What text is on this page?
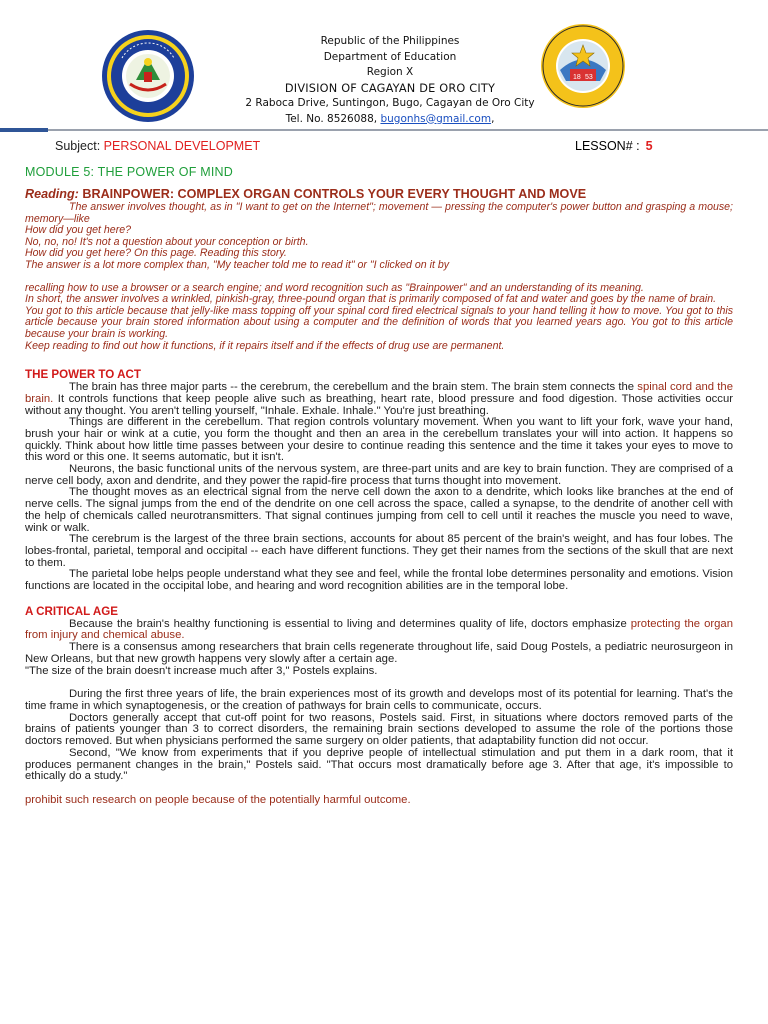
18 53
Republic of the Philippines
Department of Education
Region X
DIVISION OF CAGAYAN DE ORO CITY
2 Raboca Drive, Suntingon, Bugo, Cagayan de Oro City
Tel. No. 8526088, bugonhs@gmail.com,
Subject: PERSONAL DEVELOPMET	LESSON# : 5
MODULE 5: THE POWER OF MIND
Reading: BRAINPOWER: COMPLEX ORGAN CONTROLS YOUR EVERY THOUGHT AND MOVE

The answer involves thought, as in "I want to get on the Internet"; movement — pressing the computer's power button and grasping a mouse; memory—like

How did you get here?

No, no, no! It's not a question about your conception or birth.

How did you get here? On this page. Reading this story.

The answer is a lot more complex than, "My teacher told me to read it" or "I clicked on it by

recalling how to use a browser or a search engine; and word recognition such as "Brainpower" and an understanding of its meaning.

In short, the answer involves a wrinkled, pinkish-gray, three-pound organ that is primarily composed of fat and water and goes by the name of brain.

You got to this article because that jelly-like mass topping off your spinal cord fired electrical signals to your hand telling it how to move. You got to this article because your brain stored information about using a computer and the definition of words that you learned years ago. You got to this article because your brain is working.

Keep reading to find out how it functions, if it repairs itself and if the effects of drug use are permanent.

THE POWER TO ACT

The brain has three major parts -- the cerebrum, the cerebellum and the brain stem. The brain stem connects the spinal cord and the brain. It controls functions that keep people alive such as breathing, heart rate, blood pressure and food digestion. Those activities occur without any thought. You aren't telling yourself, "Inhale. Exhale. Inhale." You're just breathing.

Things are different in the cerebellum. That region controls voluntary movement. When you want to lift your fork, wave your hand, brush your hair or wink at a cutie, you form the thought and then an area in the cerebellum translates your will into action. It happens so quickly. Think about how little time passes between your desire to continue reading this sentence and the time it takes your eyes to move to this word or this one. It seems automatic, but it isn't.

Neurons, the basic functional units of the nervous system, are three-part units and are key to brain function. They are comprised of a nerve cell body, axon and dendrite, and they power the rapid-fire process that turns thought into movement.

The thought moves as an electrical signal from the nerve cell down the axon to a dendrite, which looks like branches at the end of nerve cells. The signal jumps from the end of the dendrite on one cell across the space, called a synapse, to the dendrite of another cell with the help of chemicals called neurotransmitters. That signal continues jumping from cell to cell until it reaches the muscle you need to wave, wink or walk.

The cerebrum is the largest of the three brain sections, accounts for about 85 percent of the brain's weight, and has four lobes. The lobes-frontal, parietal, temporal and occipital -- each have different functions. They get their names from the sections of the skull that are next to them.

The parietal lobe helps people understand what they see and feel, while the frontal lobe determines personality and emotions. Vision functions are located in the occipital lobe, and hearing and word recognition abilities are in the temporal lobe.

A CRITICAL AGE

Because the brain's healthy functioning is essential to living and determines quality of life, doctors emphasize protecting the organ from injury and chemical abuse.

There is a consensus among researchers that brain cells regenerate throughout life, said Doug Postels, a pediatric neurosurgeon in New Orleans, but that new growth happens very slowly after a certain age.

"The size of the brain doesn't increase much after 3," Postels explains.

During the first three years of life, the brain experiences most of its growth and develops most of its potential for learning. That's the time frame in which synaptogenesis, or the creation of pathways for brain cells to communicate, occurs.

Doctors generally accept that cut-off point for two reasons, Postels said. First, in situations where doctors removed parts of the brains of patients younger than 3 to correct disorders, the remaining brain sections developed to assume the role of the portions those doctors removed. But when physicians performed the same surgery on older patients, that adaptability function did not occur.

Second, "We know from experiments that if you deprive people of intellectual stimulation and put them in a dark room, that it produces permanent changes in the brain," Postels said. "That occurs most dramatically before age 3. After that age, it's impossible to ethically do a study."

prohibit such research on people because of the potentially harmful outcome.
